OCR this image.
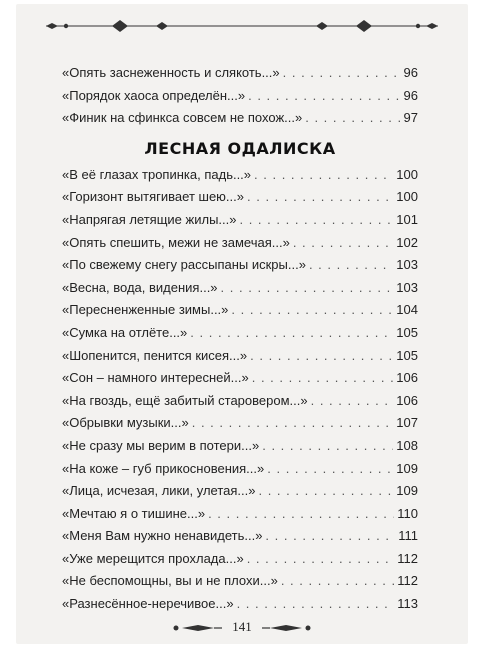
«Опять заснеженность и слякоть...» . . .	96
«Порядок хаоса определён...» . . .	96
«Финик на сфинкса совсем не похож...» . . .	97
ЛЕСНАЯ ОДАЛИСКА
«В её глазах тропинка, падь...» . . .	100
«Горизонт вытягивает шею...» . . .	100
«Напрягая летящие жилы...» . . .	101
«Опять спешить, межи не замечая...» . . .	102
«По свежему снегу рассыпаны искры...» . . .	103
«Весна, вода, видения...» . . .	103
«Пересненженные зимы...» . . .	104
«Сумка на отлёте...» . . .	105
«Шопенится, пенится кисея...» . . .	105
«Сон – намного интересней...» . . .	106
«На гвоздь, ещё забитый старовером...» . . .	106
«Обрывки музыки...» . . .	107
«Не сразу мы верим в потери...» . . .	108
«На коже – губ прикосновения...» . . .	109
«Лица, исчезая, лики, улетая...» . . .	109
«Мечтаю я о тишине...» . . .	110
«Меня Вам нужно ненавидеть...» . . .	111
«Уже мерещится прохлада...» . . .	112
«Не беспомощны, вы и не плохи...» . . .	112
«Разнесённое-неречивое...» . . .	113
141
